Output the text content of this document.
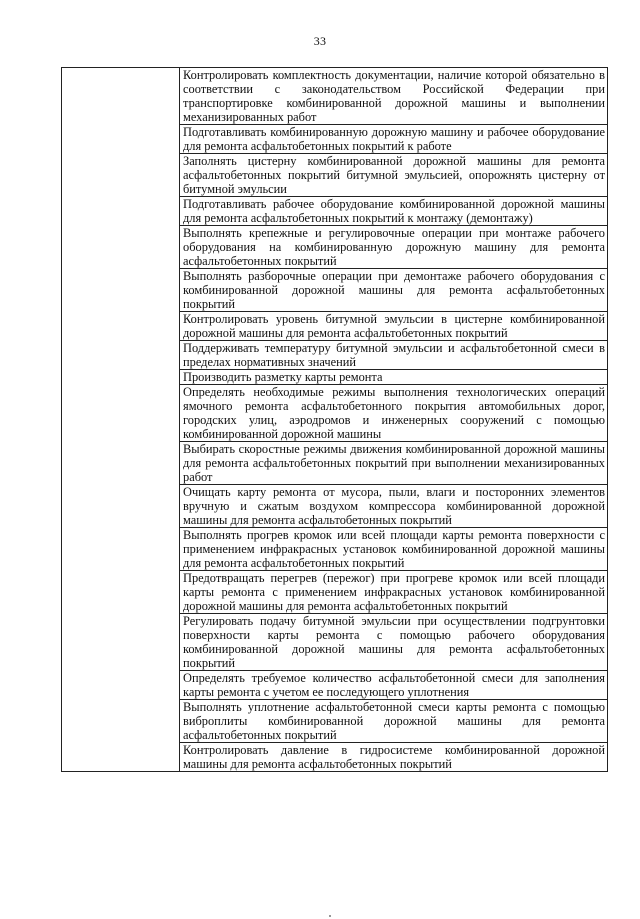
33
	Контролировать комплектность документации, наличие которой обязательно в соответствии с законодательством Российской Федерации при транспортировке комбинированной дорожной машины и выполнении механизированных работ
Подготавливать комбинированную дорожную машину и рабочее оборудование для ремонта асфальтобетонных покрытий к работе
Заполнять цистерну комбинированной дорожной машины для ремонта асфальтобетонных покрытий битумной эмульсией, опорожнять цистерну от битумной эмульсии
Подготавливать рабочее оборудование комбинированной дорожной машины для ремонта асфальтобетонных покрытий к монтажу (демонтажу)
Выполнять крепежные и регулировочные операции при монтаже рабочего оборудования на комбинированную дорожную машину для ремонта асфальтобетонных покрытий
Выполнять разборочные операции при демонтаже рабочего оборудования с комбинированной дорожной машины для ремонта асфальтобетонных покрытий
Контролировать уровень битумной эмульсии в цистерне комбинированной дорожной машины для ремонта асфальтобетонных покрытий
Поддерживать температуру битумной эмульсии и асфальтобетонной смеси в пределах нормативных значений
Производить разметку карты ремонта
Определять необходимые режимы выполнения технологических операций ямочного ремонта асфальтобетонного покрытия автомобильных дорог, городских улиц, аэродромов и инженерных сооружений с помощью комбинированной дорожной машины
Выбирать скоростные режимы движения комбинированной дорожной машины для ремонта асфальтобетонных покрытий при выполнении механизированных работ
Очищать карту ремонта от мусора, пыли, влаги и посторонних элементов вручную и сжатым воздухом компрессора комбинированной дорожной машины для ремонта асфальтобетонных покрытий
Выполнять прогрев кромок или всей площади карты ремонта поверхности с применением инфракрасных установок комбинированной дорожной машины для ремонта асфальтобетонных покрытий
Предотвращать перегрев (пережог) при прогреве кромок или всей площади карты ремонта с применением инфракрасных установок комбинированной дорожной машины для ремонта асфальтобетонных покрытий
Регулировать подачу битумной эмульсии при осуществлении подгрунтовки поверхности карты ремонта с помощью рабочего оборудования комбинированной дорожной машины для ремонта асфальтобетонных покрытий
Определять требуемое количество асфальтобетонной смеси для заполнения карты ремонта с учетом ее последующего уплотнения
Выполнять уплотнение асфальтобетонной смеси карты ремонта с помощью виброплиты комбинированной дорожной машины для ремонта асфальтобетонных покрытий
Контролировать давление в гидросистеме комбинированной дорожной машины для ремонта асфальтобетонных покрытий
